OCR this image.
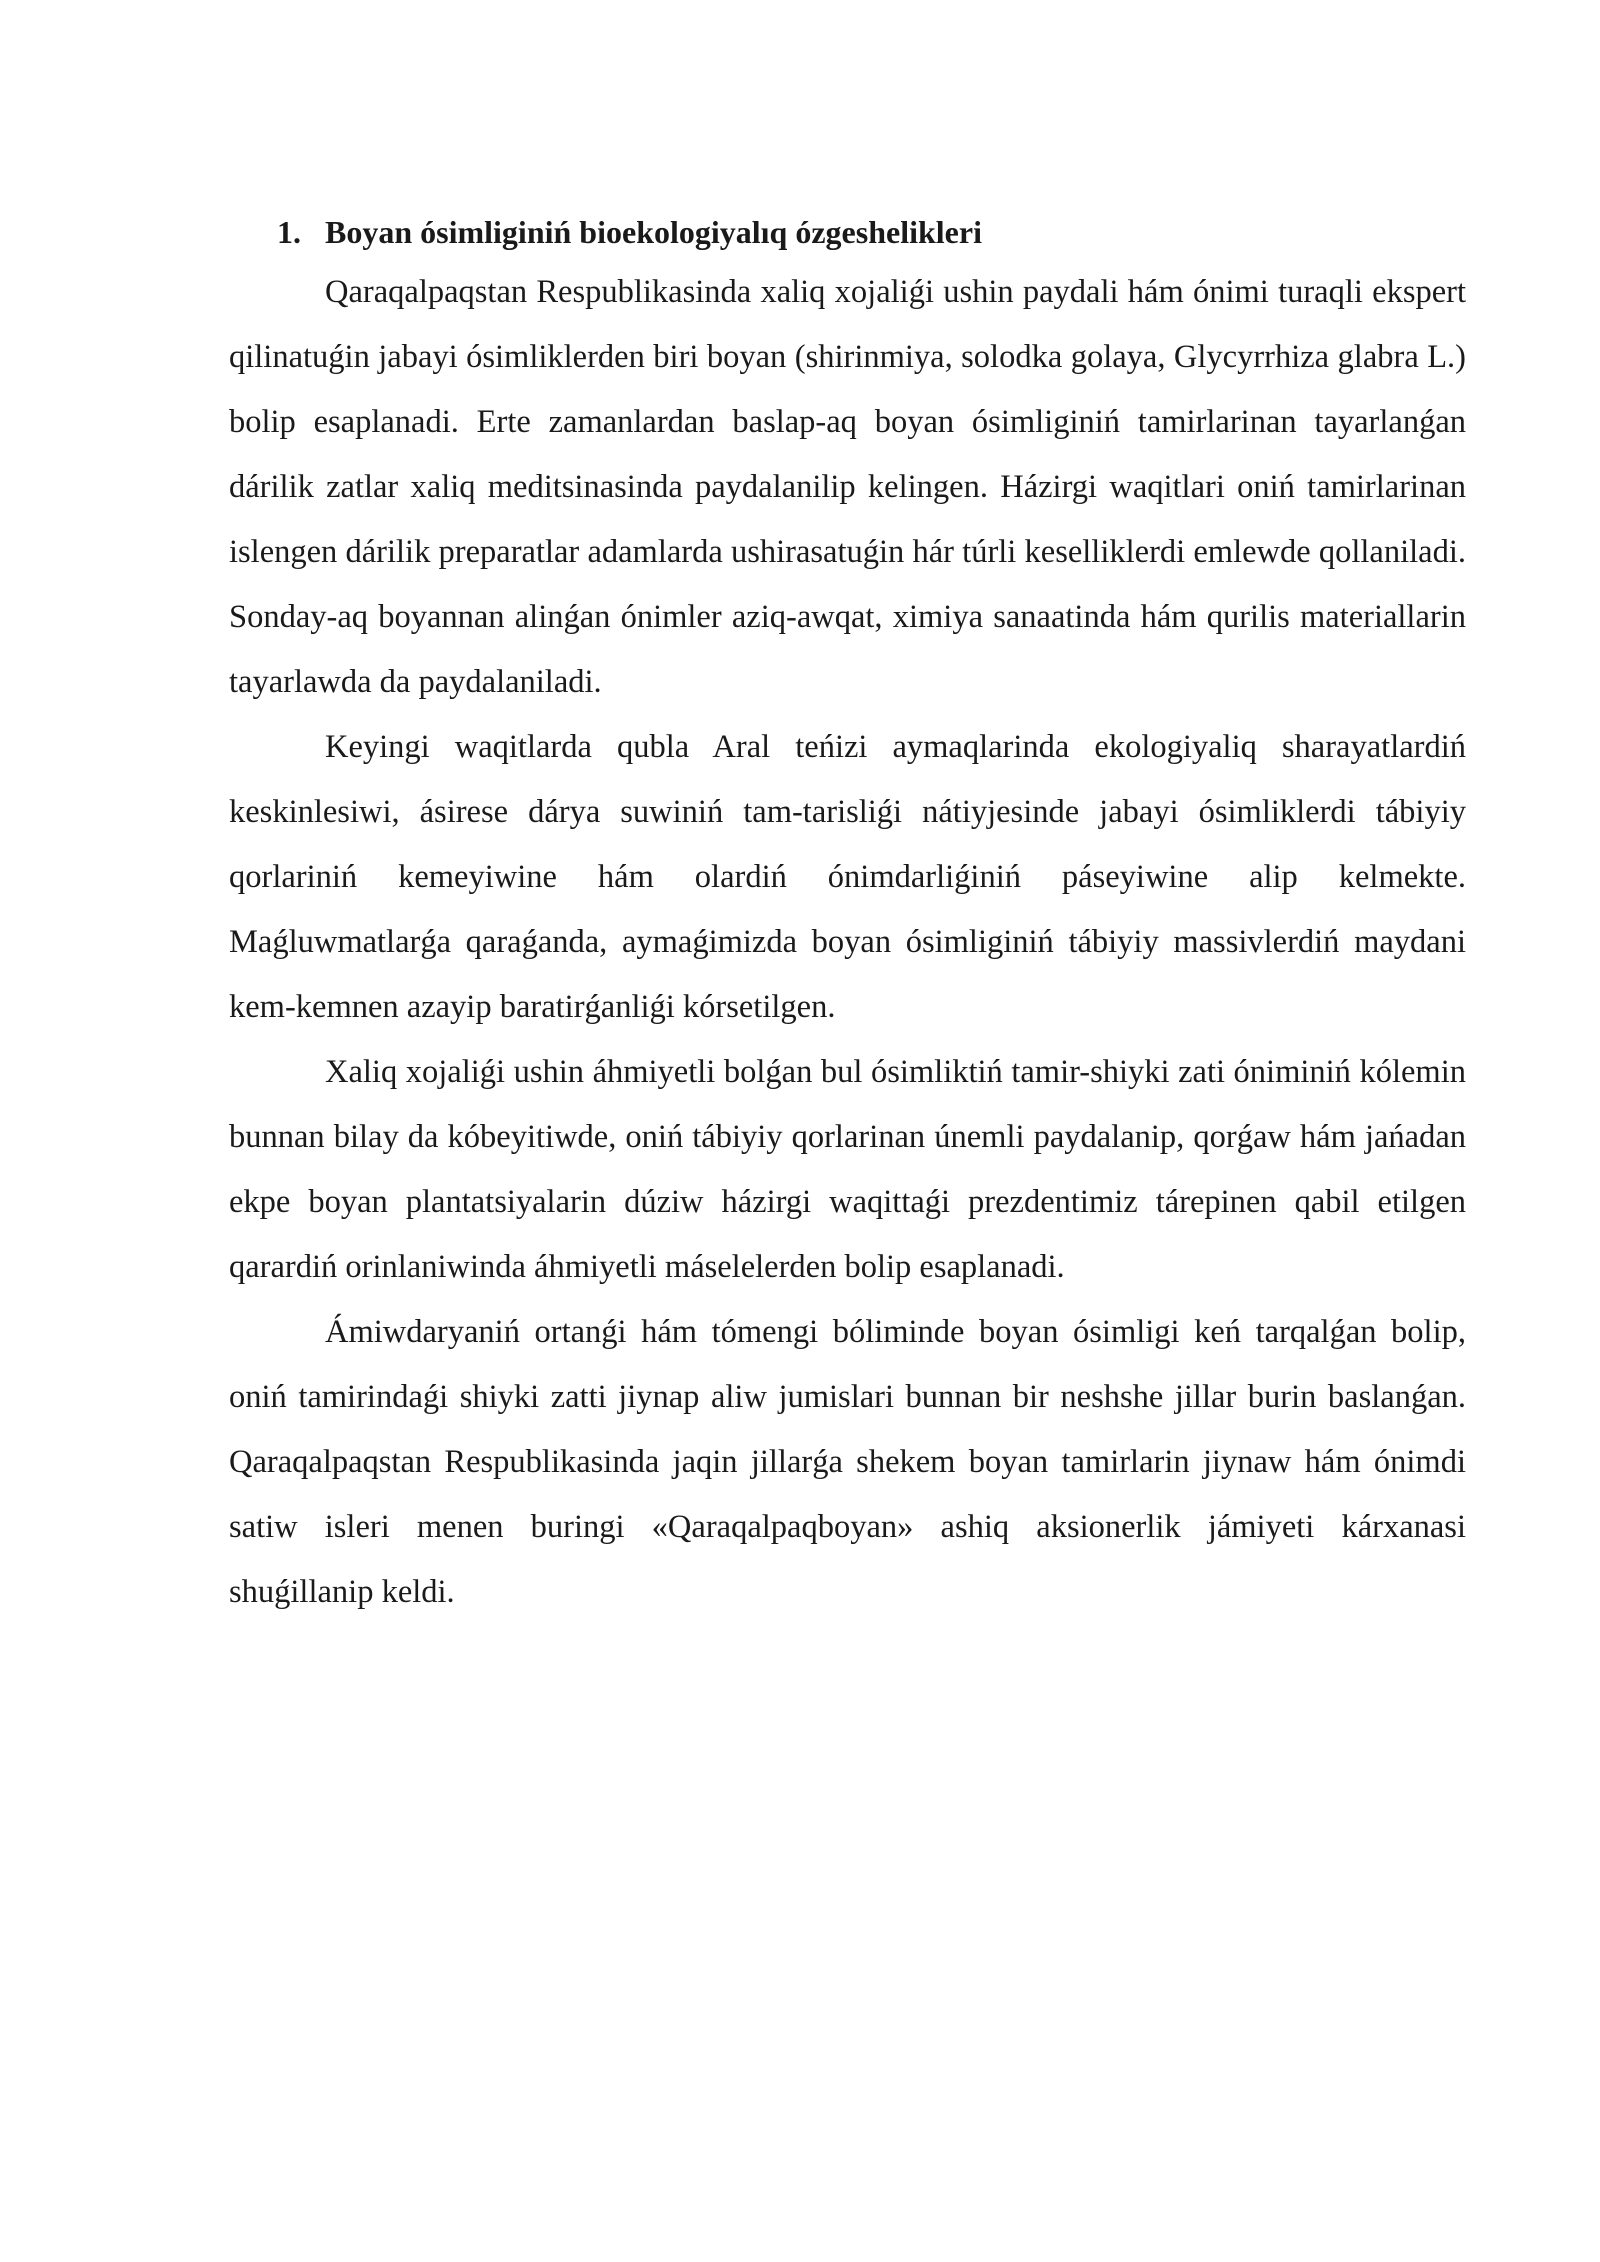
1. Boyan ósimliginiń bioekologiyalıq ózgeshelikleri

Qaraqalpaqstan Respublikasinda xaliq xojaliǵi ushin paydali hám ónimi turaqli ekspert qilinatuǵin jabayi ósimliklerden biri boyan (shirinmiya, solodka golaya, Glycyrrhiza glabra L.) bolip esaplanadi. Erte zamanlardan baslap-aq boyan ósimliginiń tamirlarinan tayarlanǵan dárilik zatlar xaliq meditsinasinda paydalanilip kelingen. Házirgi waqitlari oniń tamirlarinan islengen dárilik preparatlar adamlarda ushirasatuǵin hár túrli keselliklerdi emlewde qollaniladi. Sonday-aq boyannan alinǵan ónimler aziq-awqat, ximiya sanaatinda hám qurilis materiallarin tayarlawda da paydalaniladi.

Keyingi waqitlarda qubla Aral teńizi aymaqlarinda ekologiyaliq sharayatlardiń keskinlesiwi, ásirese dárya suwiniń tam-tarisliǵi nátiyjesinde jabayi ósimliklerdi tábiyiy qorlariniń kemeyiwine hám olardiń ónimdarliǵiniń páseyiwine alip kelmekte. Maǵluwmatlarǵa qaraǵanda, aymaǵimizda boyan ósimliginiń tábiyiy massivlerdiń maydani kem-kemnen azayip baratirǵanliǵi kórsetilgen.

Xaliq xojaliǵi ushin áhmiyetli bolǵan bul ósimliktiń tamir-shiyki zati óniminiń kólemin bunnan bilay da kóbeyitiwde, oniń tábiyiy qorlarinan únemli paydalanip, qorǵaw hám jańadan ekpe boyan plantatsiyalarin dúziw házirgi waqittaǵi prezdentimiz tárepinen qabil etilgen qarardiń orinlaniwinda áhmiyetli máselelerden bolip esaplanadi.

Ámiwdaryaniń ortanǵi hám tómengi bóliminde boyan ósimligi keń tarqalǵan bolip, oniń tamirindaǵi shiyki zatti jiynap aliw jumislari bunnan bir neshshe jillar burin baslanǵan. Qaraqalpaqstan Respublikasinda jaqin jillarǵa shekem boyan tamirlarin jiynaw hám ónimdi satiw isleri menen buringi «Qaraqalpaqboyan» ashiq aksionerlik jámiyeti kárxanasi shuǵillanip keldi.
